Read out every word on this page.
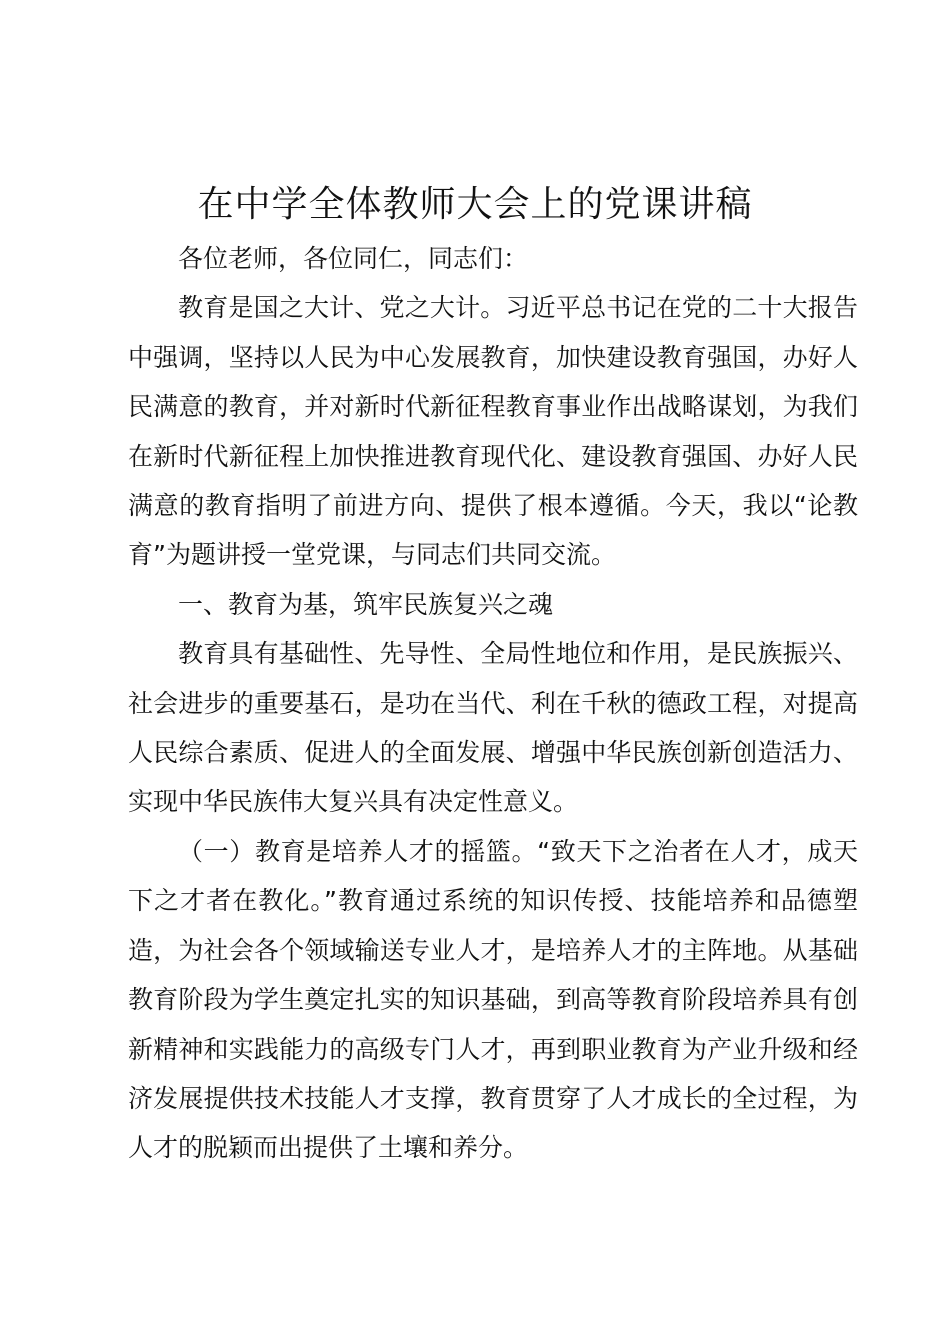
在中学全体教师大会上的党课讲稿

各位老师，各位同仁，同志们：

教育是国之大计、党之大计。习近平总书记在党的二十大报告中强调，坚持以人民为中心发展教育，加快建设教育强国，办好人民满意的教育，并对新时代新征程教育事业作出战略谋划，为我们在新时代新征程上加快推进教育现代化、建设教育强国、办好人民满意的教育指明了前进方向、提供了根本遵循。今天，我以“论教育”为题讲授一堂党课，与同志们共同交流。

一、教育为基，筑牢民族复兴之魂

教育具有基础性、先导性、全局性地位和作用，是民族振兴、社会进步的重要基石，是功在当代、利在千秋的德政工程，对提高人民综合素质、促进人的全面发展、增强中华民族创新创造活力、实现中华民族伟大复兴具有决定性意义。

（一）教育是培养人才的摇篮。“致天下之治者在人才，成天下之才者在教化。”教育通过系统的知识传授、技能培养和品德塑造，为社会各个领域输送专业人才，是培养人才的主阵地。从基础教育阶段为学生奠定扎实的知识基础，到高等教育阶段培养具有创新精神和实践能力的高级专门人才，再到职业教育为产业升级和经济发展提供技术技能人才支撑，教育贯穿了人才成长的全过程，为人才的脱颖而出提供了土壤和养分。
